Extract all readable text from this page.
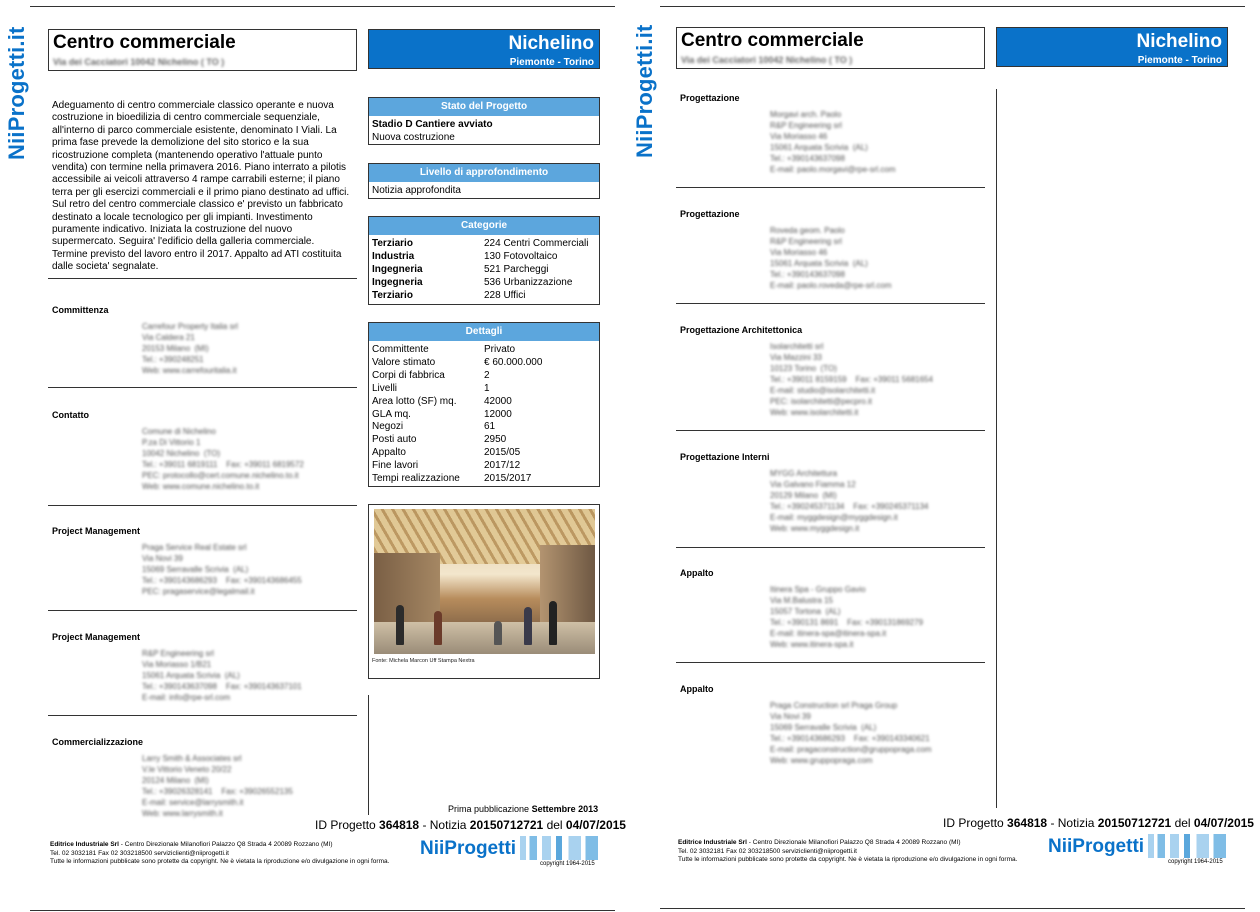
NiiProgetti.it Centro commerciale
Via dei Cacciatori 10042 Nichelino ( TO )
Nichelino
Piemonte - Torino
Adeguamento di centro commerciale classico operante e nuova costruzione in bioedilizia di centro commerciale sequenziale, all'interno di parco commerciale esistente, denominato I Viali. La prima fase prevede la demolizione del sito storico e la sua ricostruzione completa (mantenendo operativo l'attuale punto vendita) con termine nella primavera 2016. Piano interrato a pilotis accessibile ai veicoli attraverso 4 rampe carrabili esterne; il piano terra per gli esercizi commerciali e il primo piano destinato ad uffici. Sul retro del centro commerciale classico e' previsto un fabbricato destinato a locale tecnologico per gli impianti. Investimento puramente indicativo. Iniziata la costruzione del nuovo supermercato. Seguira' l'edificio della galleria commerciale. Termine previsto del lavoro entro il 2017. Appalto ad ATI costituita dalle societa' segnalate.
Committenza
Carrefour Property Italia srl
Via Caldera 21
20153 Milano  (MI)
Tel.: +390248251
Web: www.carrefouritalia.it
Contatto
Comune di Nichelino
P.za Di Vittorio 1
10042 Nichelino  (TO)
Tel.: +39011 6819111    Fax: +39011 6819572
PEC: protocollo@cert.comune.nichelino.to.it
Web: www.comune.nichelino.to.it
Project Management
Praga Service Real Estate srl
Via Novi 39
15069 Serravalle Scrivia  (AL)
Tel.: +390143686293    Fax: +390143686455
PEC: pragaservice@legalmail.it
Project Management
R&P Engineering srl
Via Moriasso 1/B21
15061 Arquata Scrivia  (AL)
Tel.: +390143637098    Fax: +390143637101
E-mail: info@rpe-srl.com
Commercializzazione
Larry Smith & Associates srl
V.le Vittorio Veneto 20/22
20124 Milano  (MI)
Tel.: +39026328141    Fax: +39026552135
E-mail: service@larrysmith.it
Web: www.larrysmith.it
Stato del Progetto
Stadio D Cantiere avviato
Nuova costruzione
Livello di approfondimento
Notizia approfondita
Categorie
Terziario	224 Centri Commerciali
Industria	130 Fotovoltaico
Ingegneria	521 Parcheggi
Ingegneria	536 Urbanizzazione
Terziario	228 Uffici
Dettagli
Committente	Privato
Valore stimato	€ 60.000.000
Corpi di fabbrica	2
Livelli	1
Area lotto (SF) mq.	42000
GLA mq.	12000
Negozi	61
Posti auto	2950
Appalto	2015/05
Fine lavori	2017/12
Tempi realizzazione	2015/2017
Fonte: Michela Marcon Uff Stampa Nextra
Prima pubblicazione Settembre 2013
ID Progetto 364818 - Notizia 20150712721 del 04/07/2015
Editrice Industriale Srl - Centro Direzionale Milanofiori Palazzo Q8 Strada 4 20089 Rozzano (MI)
Tel. 02 3032181 Fax 02 303218500 serviziclienti@niiprogetti.it
Tutte le informazioni pubblicate sono protette da copyright. Ne è vietata la riproduzione e/o divulgazione in ogni forma.
NiiProgetti
copyright 1964-2015
NiiProgetti.it Centro commerciale
Via dei Cacciatori 10042 Nichelino ( TO )
Nichelino
Piemonte - Torino
Progettazione
Morgavi arch. Paolo
R&P Engineering srl
Via Moriasso 46
15061 Arquata Scrivia  (AL)
Tel.: +390143637098
E-mail: paolo.morgavi@rpe-srl.com
Progettazione
Roveda geom. Paolo
R&P Engineering srl
Via Moriasso 46
15061 Arquata Scrivia  (AL)
Tel.: +390143637098
E-mail: paolo.roveda@rpe-srl.com
Progettazione Architettonica
Isolarchitetti srl
Via Mazzini 33
10123 Torino  (TO)
Tel.: +39011 8159159    Fax: +39011 5681654
E-mail: studio@isolarchitetti.it
PEC: isolarchitetti@pecpro.it
Web: www.isolarchitetti.it
Progettazione Interni
MYGG Architettura
Via Galvano Fiamma 12
20129 Milano  (MI)
Tel.: +390245371134    Fax: +390245371134
E-mail: myggdesign@myggdesign.it
Web: www.myggdesign.it
Appalto
Itinera Spa - Gruppo Gavio
Via M.Balustra 15
15057 Tortona  (AL)
Tel.: +390131 8691    Fax: +390131869279
E-mail: itinera-spa@itinera-spa.it
Web: www.itinera-spa.it
Appalto
Praga Construction srl Praga Group
Via Novi 39
15069 Serravalle Scrivia  (AL)
Tel.: +390143686293    Fax: +390143340621
E-mail: pragaconstruction@gruppopraga.com
Web: www.gruppopraga.com
ID Progetto 364818 - Notizia 20150712721 del 04/07/2015
Editrice Industriale Srl - Centro Direzionale Milanofiori Palazzo Q8 Strada 4 20089 Rozzano (MI)
Tel. 02 3032181 Fax 02 303218500 serviziclienti@niiprogetti.it
Tutte le informazioni pubblicate sono protette da copyright. Ne è vietata la riproduzione e/o divulgazione in ogni forma.
NiiProgetti
copyright 1964-2015
